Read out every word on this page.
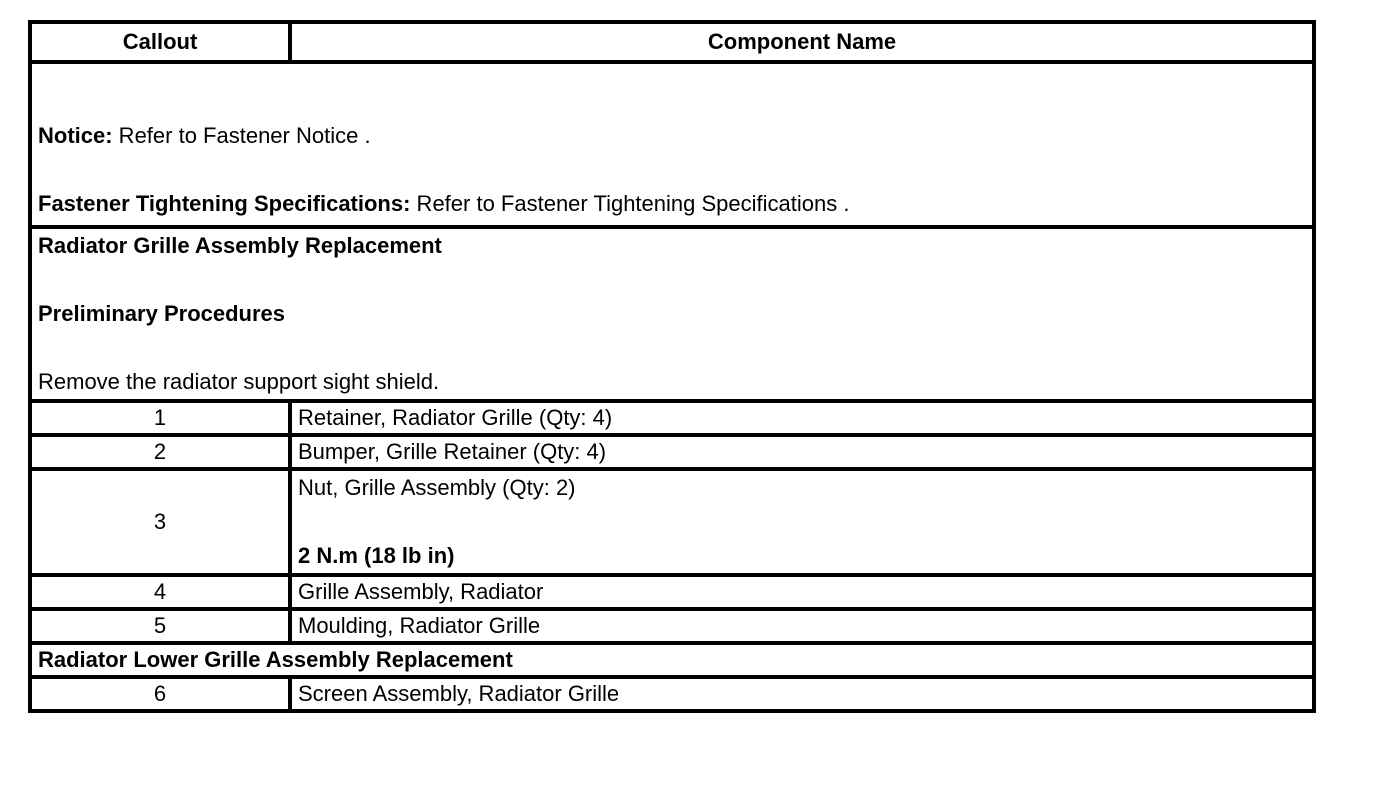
Callout	Component Name

Notice: Refer to Fastener Notice .

Fastener Tightening Specifications: Refer to Fastener Tightening Specifications .	

Radiator Grille Assembly Replacement

Preliminary Procedures

Remove the radiator support sight shield.	

1	Retainer, Radiator Grille (Qty: 4)
2	Bumper, Grille Retainer (Qty: 4)
3	Nut, Grille Assembly (Qty: 2)

2 N.m (18 lb in)

4	Grille Assembly, Radiator
5	Moulding, Radiator Grille
Radiator Lower Grille Assembly Replacement	
6	Screen Assembly, Radiator Grille
